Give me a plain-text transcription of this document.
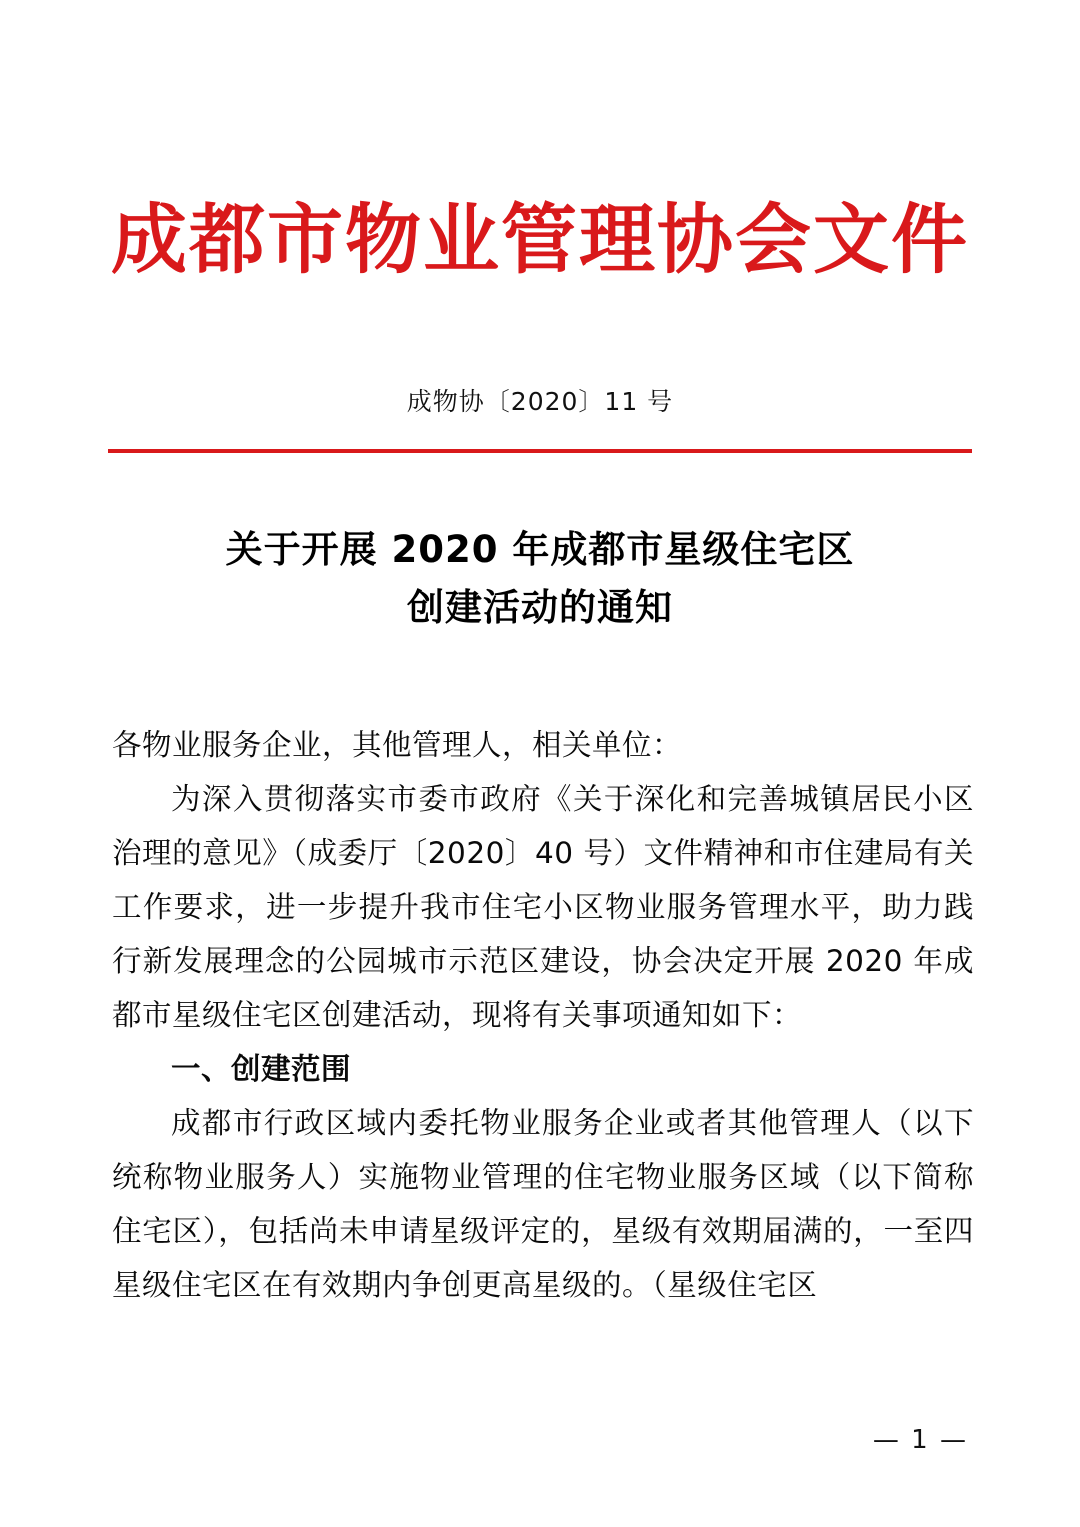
成都市物业管理协会文件
成物协〔2020〕11 号
关于开展 2020 年成都市星级住宅区
创建活动的通知

各物业服务企业，其他管理人，相关单位：

为深入贯彻落实市委市政府《关于深化和完善城镇居民小区治理的意见》（成委厅〔2020〕40 号）文件精神和市住建局有关工作要求，进一步提升我市住宅小区物业服务管理水平，助力践行新发展理念的公园城市示范区建设，协会决定开展 2020 年成都市星级住宅区创建活动，现将有关事项通知如下：

一、创建范围

成都市行政区域内委托物业服务企业或者其他管理人（以下统称物业服务人）实施物业管理的住宅物业服务区域（以下简称住宅区），包括尚未申请星级评定的，星级有效期届满的，一至四星级住宅区在有效期内争创更高星级的。（星级住宅区

— 1 —
